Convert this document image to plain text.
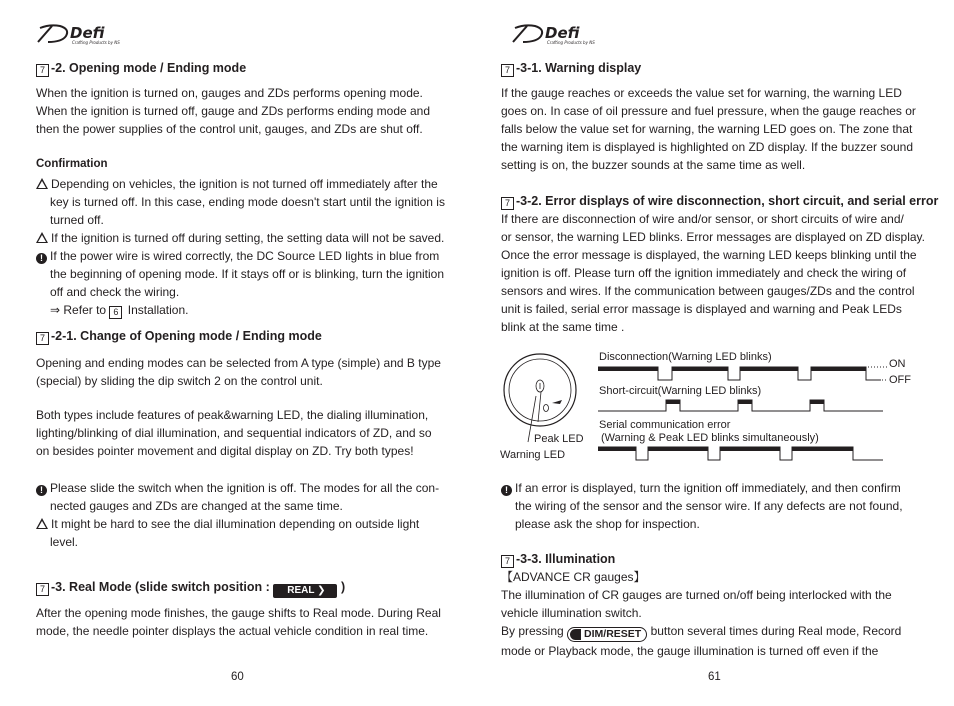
Defi
Crafting Products by NS
7 -2. Opening mode / Ending mode
When the ignition is turned on, gauges and ZDs performs opening mode.
When the ignition is turned off, gauge and ZDs performs ending mode and
then the power supplies of the control unit, gauges, and ZDs are shut off.
Confirmation
Depending on vehicles, the ignition is not turned off immediately after the
key is turned off. In this case, ending mode doesn't start until the ignition is
turned off.
If the ignition is turned off during setting, the setting data will not be saved.
! If the power wire is wired correctly, the DC Source LED lights in blue from
the beginning of opening mode. If it stays off or is blinking, turn the ignition
off and check the wiring.
⇒ Refer to 6 Installation.
7 -2-1. Change of Opening mode / Ending mode
Opening and ending modes can be selected from A type (simple) and B type
(special) by sliding the dip switch 2 on the control unit.
Both types include features of peak&warning LED, the dialing illumination,
lighting/blinking of dial illumination, and sequential indicators of ZD, and so
on besides pointer movement and digital display on ZD. Try both types!
! Please slide the switch when the ignition is off. The modes for all the con-
nected gauges and ZDs are changed at the same time.
It might be hard to see the dial illumination depending on outside light
level.
7 -3. Real Mode (slide switch position : REAL ❯ )
After the opening mode finishes, the gauge shifts to Real mode. During Real
mode, the needle pointer displays the actual vehicle condition in real time.
60
Defi
Crafting Products by NS
7 -3-1. Warning display
If the gauge reaches or exceeds the value set for warning, the warning LED
goes on. In case of oil pressure and fuel pressure, when the gauge reaches or
falls below the value set for warning, the warning LED goes on. The zone that
the warning item is displayed is highlighted on ZD display. If the buzzer sound
setting is on, the buzzer sounds at the same time as well.
7 -3-2. Error displays of wire disconnection, short circuit, and serial error
If there are disconnection of wire and/or sensor, or short circuits of wire and/
or sensor, the warning LED blinks. Error messages are displayed on ZD display.
Once the error message is displayed, the warning LED keeps blinking until the
ignition is off. Please turn off the ignition immediately and check the wiring of
sensors and wires. If the communication between gauges/ZDs and the control
unit is failed, serial error massage is displayed and warning and Peak LEDs
blink at the same time .
Peak LED
Warning LED
Disconnection(Warning LED blinks)
ON
OFF
Short-circuit(Warning LED blinks)
Serial communication error
(Warning & Peak LED blinks simultaneously)
! If an error is displayed, turn the ignition off immediately, and then confirm
the wiring of the sensor and the sensor wire. If any defects are not found,
please ask the shop for inspection.
7 -3-3. Illumination
【ADVANCE CR gauges】
The illumination of CR gauges are turned on/off being interlocked with the
vehicle illumination switch.
By pressing DIM/RESET button several times during Real mode, Record
mode or Playback mode, the gauge illumination is turned off even if the
61
